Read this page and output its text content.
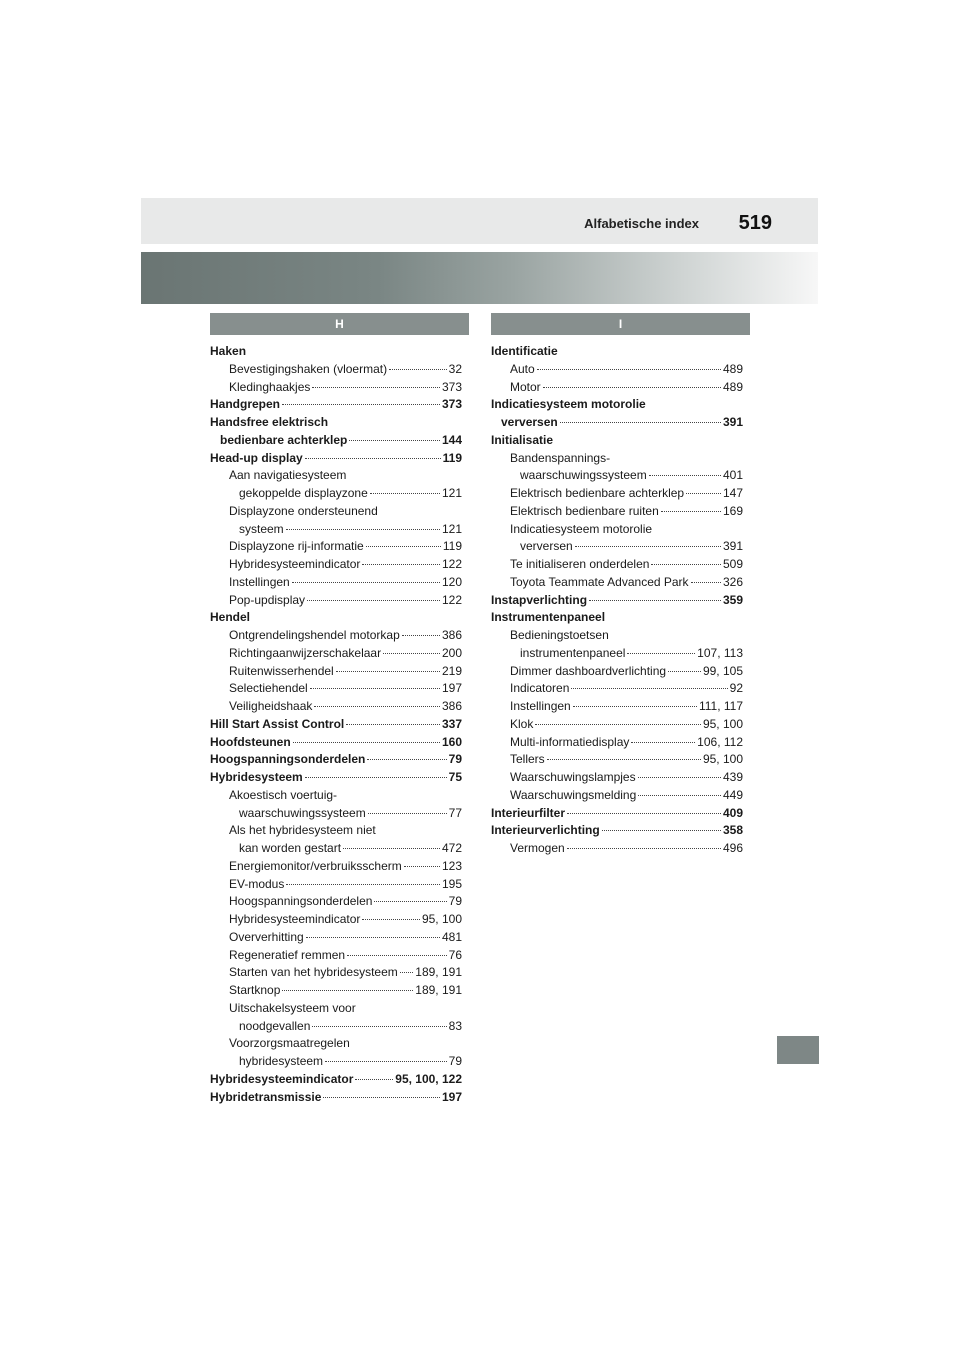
Alfabetische index 519
H	I
Haken
Bevestigingshaken (vloermat)	32
Kledinghaakjes	373
Handgrepen	373
Handsfree elektrisch
bedienbare achterklep	144
Head-up display	119
Aan navigatiesysteem
gekoppelde displayzone	121
Displayzone ondersteunend
systeem	121
Displayzone rij-informatie	119
Hybridesysteemindicator	122
Instellingen	120
Pop-updisplay	122
Hendel
Ontgrendelingshendel motorkap	386
Richtingaanwijzerschakelaar	200
Ruitenwisserhendel	219
Selectiehendel	197
Veiligheidshaak	386
Hill Start Assist Control	337
Hoofdsteunen	160
Hoogspanningsonderdelen	79
Hybridesysteem	75
Akoestisch voertuig-
waarschuwingssysteem	77
Als het hybridesysteem niet
kan worden gestart	472
Energiemonitor/verbruiksscherm	123
EV-modus	195
Hoogspanningsonderdelen	79
Hybridesysteemindicator	95, 100
Oververhitting	481
Regeneratief remmen	76
Starten van het hybridesysteem 189, 191
Startknop	189, 191
Uitschakelsysteem voor
noodgevallen	83
Voorzorgsmaatregelen
hybridesysteem	79
Hybridesysteemindicator	95, 100, 122
Hybridetransmissie	197
Identificatie
Auto	489
Motor	489
Indicatiesysteem motorolie
verversen	391
Initialisatie
Bandenspannings-
waarschuwingssysteem	401
Elektrisch bedienbare achterklep	147
Elektrisch bedienbare ruiten	169
Indicatiesysteem motorolie
verversen	391
Te initialiseren onderdelen	509
Toyota Teammate Advanced Park	326
Instapverlichting	359
Instrumentenpaneel
Bedieningstoetsen
instrumentenpaneel	107, 113
Dimmer dashboardverlichting	99, 105
Indicatoren	92
Instellingen	111, 117
Klok	95, 100
Multi-informatiedisplay	106, 112
Tellers	95, 100
Waarschuwingslampjes	439
Waarschuwingsmelding	449
Interieurfilter	409
Interieurverlichting	358
Vermogen	496
